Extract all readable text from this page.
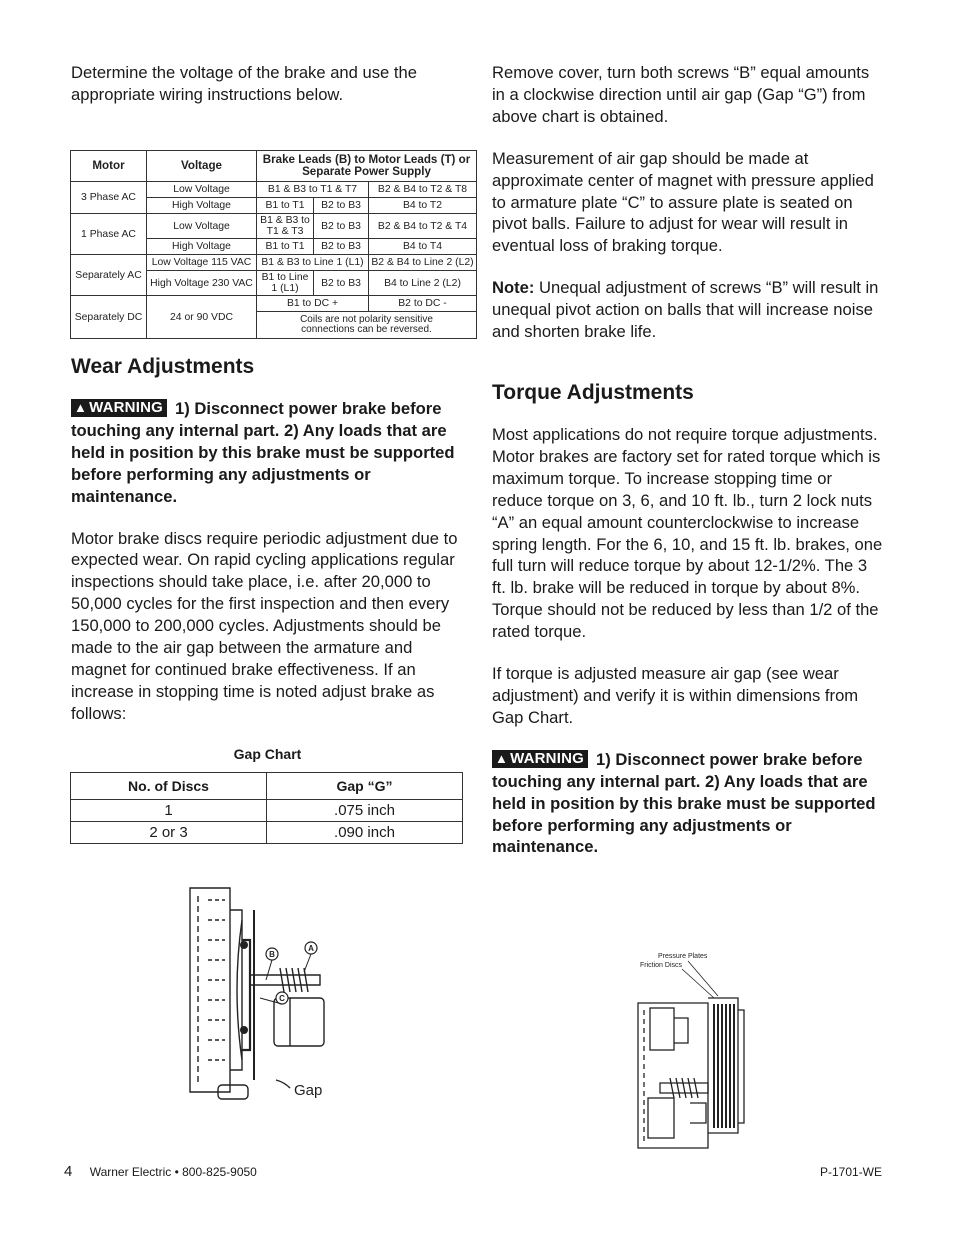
Determine the voltage of the brake and use the appropriate wiring instructions below.

Motor	Voltage	Brake Leads (B) to Motor Leads (T) or Separate Power Supply		
3 Phase AC	Low Voltage	B1 & B3 to T1 & T7		B2 & B4 to T2 & T8
	High Voltage	B1 to T1	B2 to B3	B4 to T2
1 Phase AC	Low Voltage	B1 & B3 to T1 & T3	B2 to B3	B2 & B4 to T2 & T4
	High Voltage	B1 to T1	B2 to B3	B4 to T4
Separately AC	Low Voltage 115 VAC	B1 & B3 to Line 1 (L1)		B2 & B4 to Line 2 (L2)
	High Voltage 230 VAC	B1 to Line 1 (L1)	B2 to B3	B4 to Line 2 (L2)
Separately DC	24 or 90 VDC	B1 to DC +		B2 to DC -
		Coils are not polarity sensitive connections can be reversed.		
Wear Adjustments

▲ WARNING 1) Disconnect power brake before touching any internal part. 2) Any loads that are held in position by this brake must be supported before performing any adjustments or maintenance.

Motor brake discs require periodic adjustment due to expected wear. On rapid cycling applications regular inspections should take place, i.e. after 20,000 to 50,000 cycles for the first inspection and then every 150,000 to 200,000 cycles. Adjustments should be made to the air gap between the armature and magnet for continued brake effectiveness. If an increase in stopping time is noted adjust brake as follows:

Gap Chart
No. of Discs	Gap “G”
1	.075 inch
2 or 3	.090 inch
B
A
C
Gap

Remove cover, turn both screws “B” equal amounts in a clockwise direction until air gap (Gap “G”) from above chart is obtained.

Measurement of air gap should be made at approximate center of magnet with pressure applied to armature plate “C” to assure plate is seated on pivot balls. Failure to adjust for wear will result in eventual loss of braking torque.

Note: Unequal adjustment of screws “B” will result in unequal pivot action on balls that will increase noise and shorten brake life.

Torque Adjustments

Most applications do not require torque adjustments. Motor brakes are factory set for rated torque which is maximum torque. To increase stopping time or reduce torque on 3, 6, and 10 ft. lb., turn 2 lock nuts “A” an equal amount counterclockwise to increase spring length. For the 6, 10, and 15 ft. lb. brakes, one full turn will reduce torque by about 12-1/2%. The 3 ft. lb. brake will be reduced in torque by about 8%. Torque should not be reduced by less than 1/2 of the rated torque.

If torque is adjusted measure air gap (see wear adjustment) and verify it is within dimensions from Gap Chart.

▲ WARNING 1) Disconnect power brake before touching any internal part. 2) Any loads that are held in position by this brake must be supported before performing any adjustments or maintenance.

Pressure Plates
Friction Discs
4 Warner Electric • 800-825-9050	P-1701-WE
